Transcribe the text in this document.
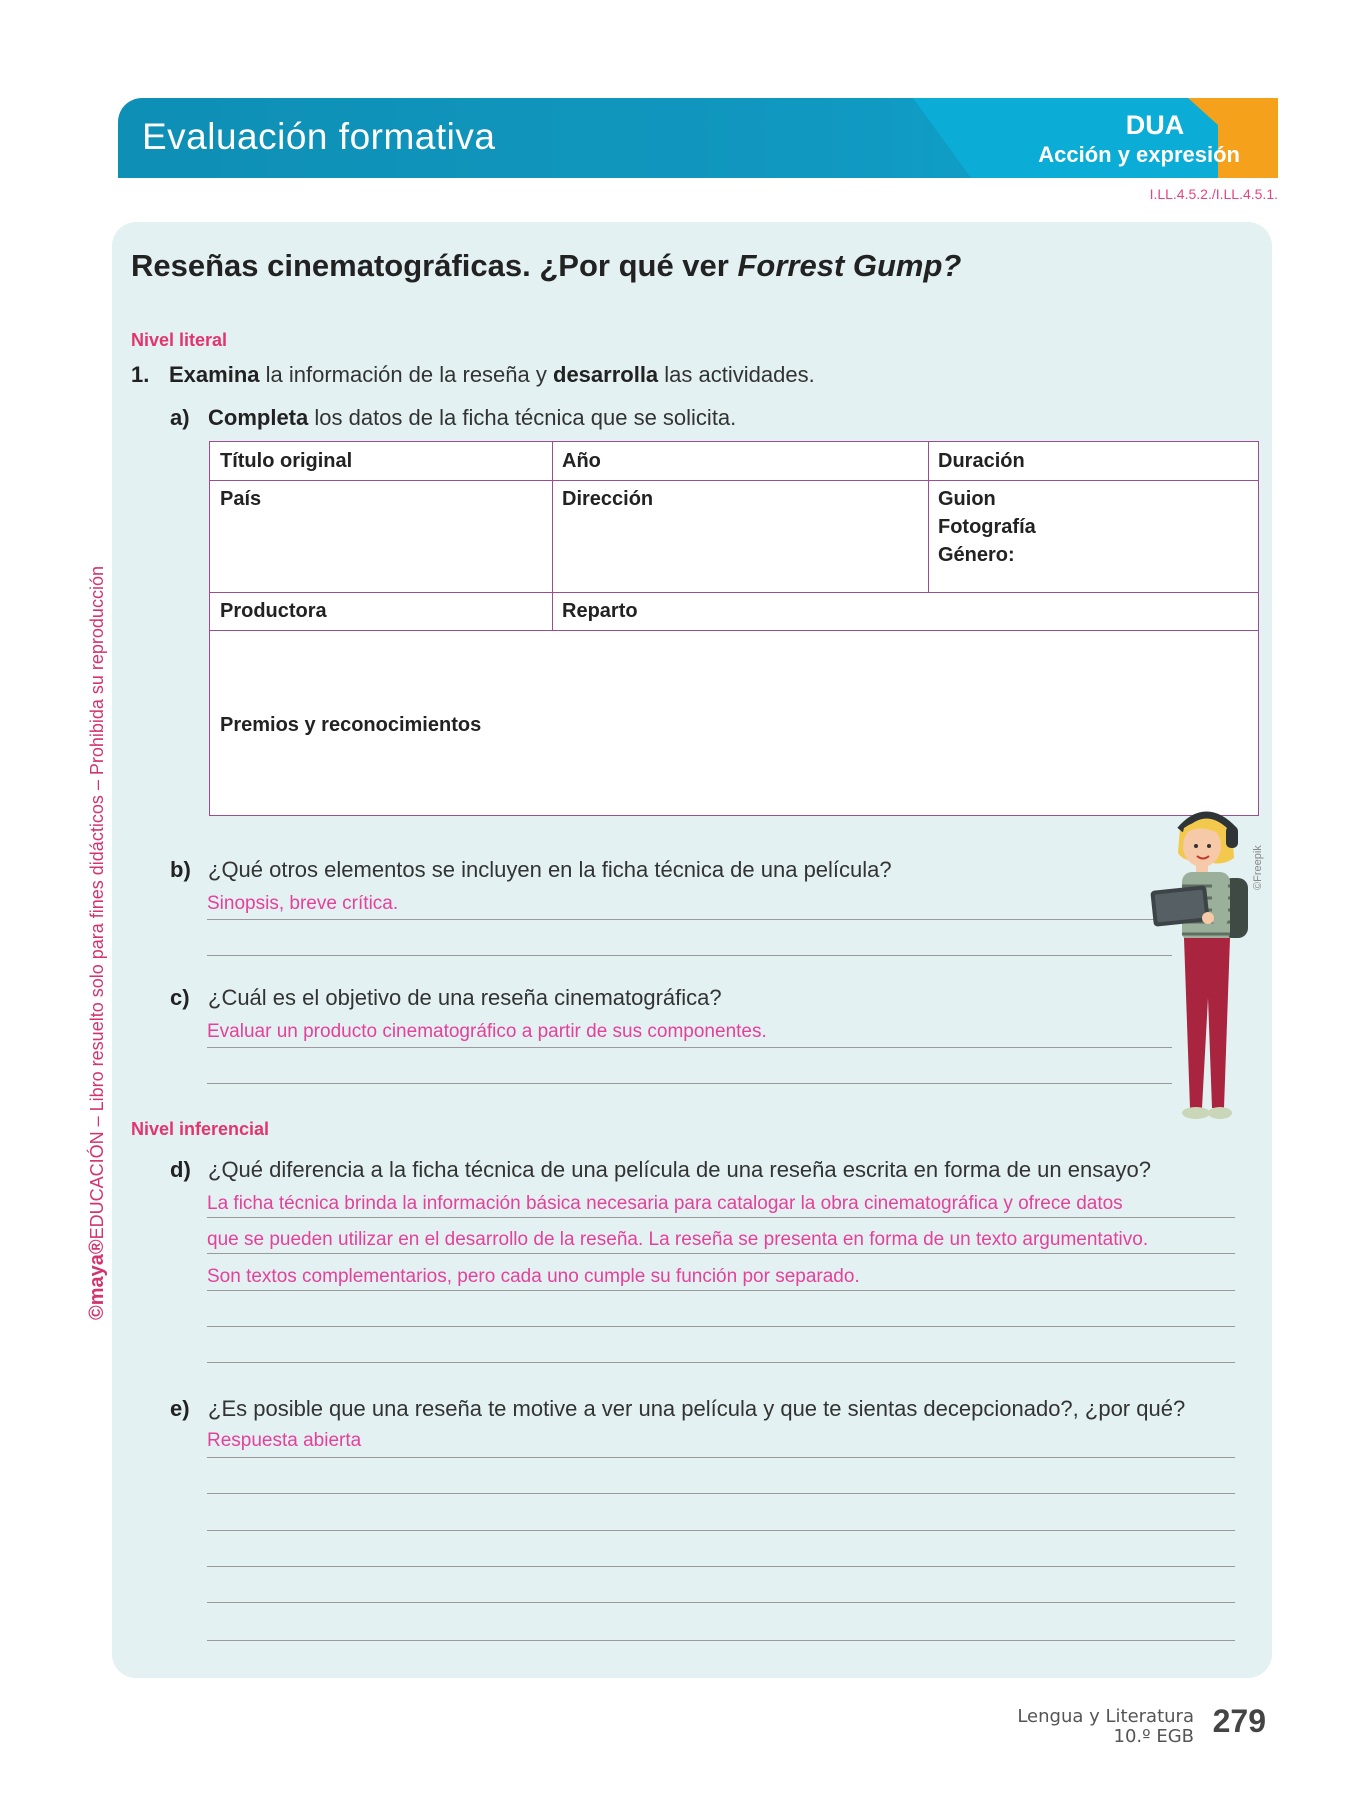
Evaluación formativa	DUA
Acción y expresión
I.LL.4.5.2./I.LL.4.5.1.
©maya®EDUCACIÓN – Libro resuelto solo para fines didácticos – Prohibida su reproducción
Reseñas cinematográficas. ¿Por qué ver Forrest Gump?
Nivel literal
1. Examina la información de la reseña y desarrolla las actividades.
a) Completa los datos de la ficha técnica que se solicita.
Título original	Año	Duración
País	Dirección	Guion
Fotografía
Género:
Productora	Reparto
Premios y reconocimientos
b) ¿Qué otros elementos se incluyen en la ficha técnica de una película?
Sinopsis, breve crítica.
c) ¿Cuál es el objetivo de una reseña cinematográfica?
Evaluar un producto cinematográfico a partir de sus componentes.
Nivel inferencial
d) ¿Qué diferencia a la ficha técnica de una película de una reseña escrita en forma de un ensayo?
La ficha técnica brinda la información básica necesaria para catalogar la obra cinematográfica y ofrece datos
que se pueden utilizar en el desarrollo de la reseña. La reseña se presenta en forma de un texto argumentativo.
Son textos complementarios, pero cada uno cumple su función por separado.
e) ¿Es posible que una reseña te motive a ver una película y que te sientas decepcionado?, ¿por qué?
Respuesta abierta
©Freepik
Lengua y Literatura
10.º EGB 279
